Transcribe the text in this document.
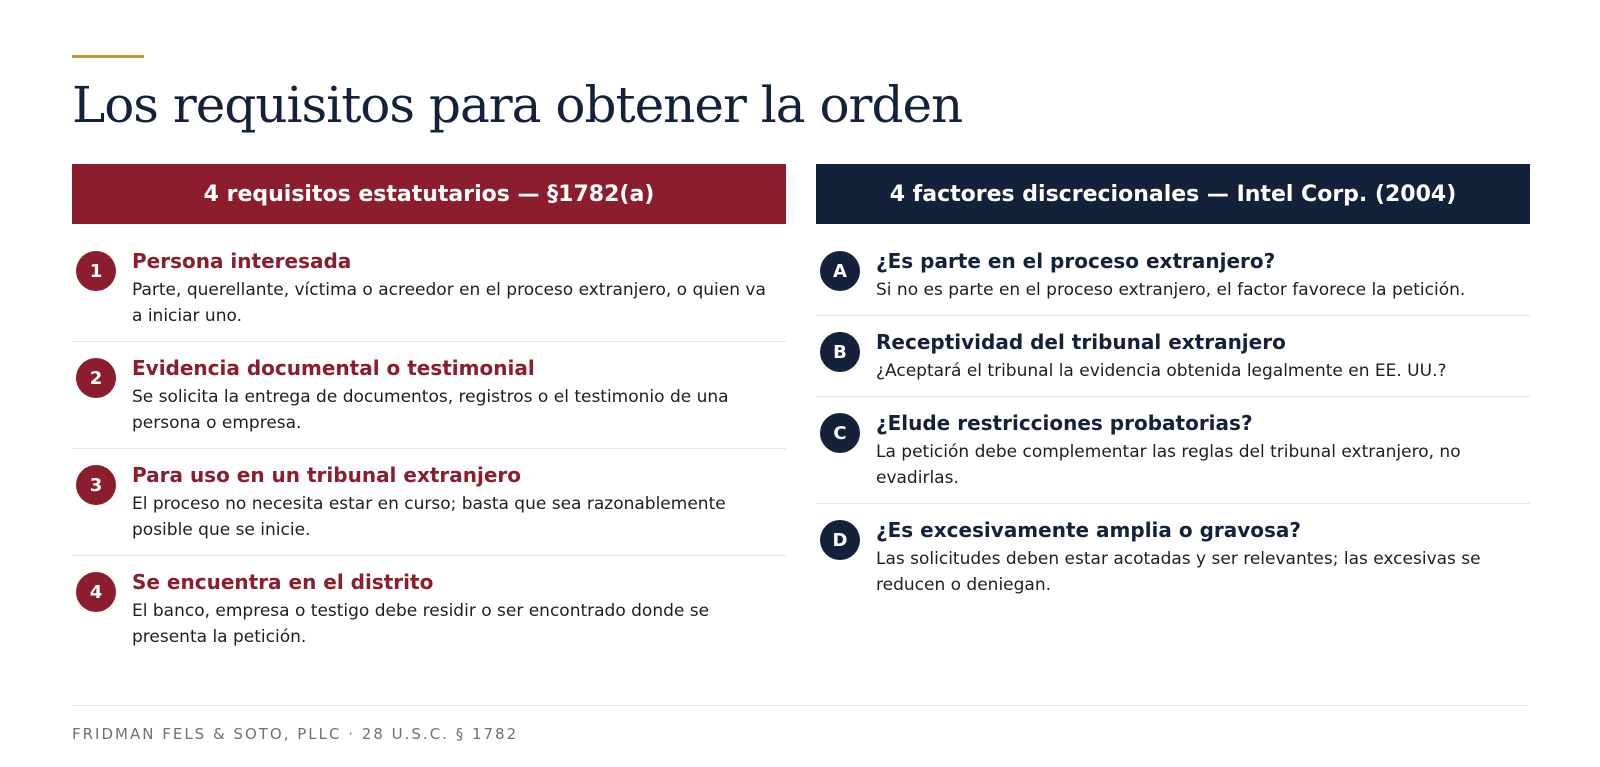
Los requisitos para obtener la orden
4 requisitos estatutarios — §1782(a)
1	Persona interesada
Parte, querellante, víctima o acreedor en el proceso extranjero, o quien va a iniciar uno.
2	Evidencia documental o testimonial
Se solicita la entrega de documentos, registros o el testimonio de una persona o empresa.
3	Para uso en un tribunal extranjero
El proceso no necesita estar en curso; basta que sea razonablemente posible que se inicie.
4	Se encuentra en el distrito
El banco, empresa o testigo debe residir o ser encontrado donde se presenta la petición.
4 factores discrecionales — Intel Corp. (2004)
A	¿Es parte en el proceso extranjero?
Si no es parte en el proceso extranjero, el factor favorece la petición.
B	Receptividad del tribunal extranjero
¿Aceptará el tribunal la evidencia obtenida legalmente en EE. UU.?
C	¿Elude restricciones probatorias?
La petición debe complementar las reglas del tribunal extranjero, no evadirlas.
D	¿Es excesivamente amplia o gravosa?
Las solicitudes deben estar acotadas y ser relevantes; las excesivas se reducen o deniegan.
FRIDMAN FELS & SOTO, PLLC · 28 U.S.C. § 1782
